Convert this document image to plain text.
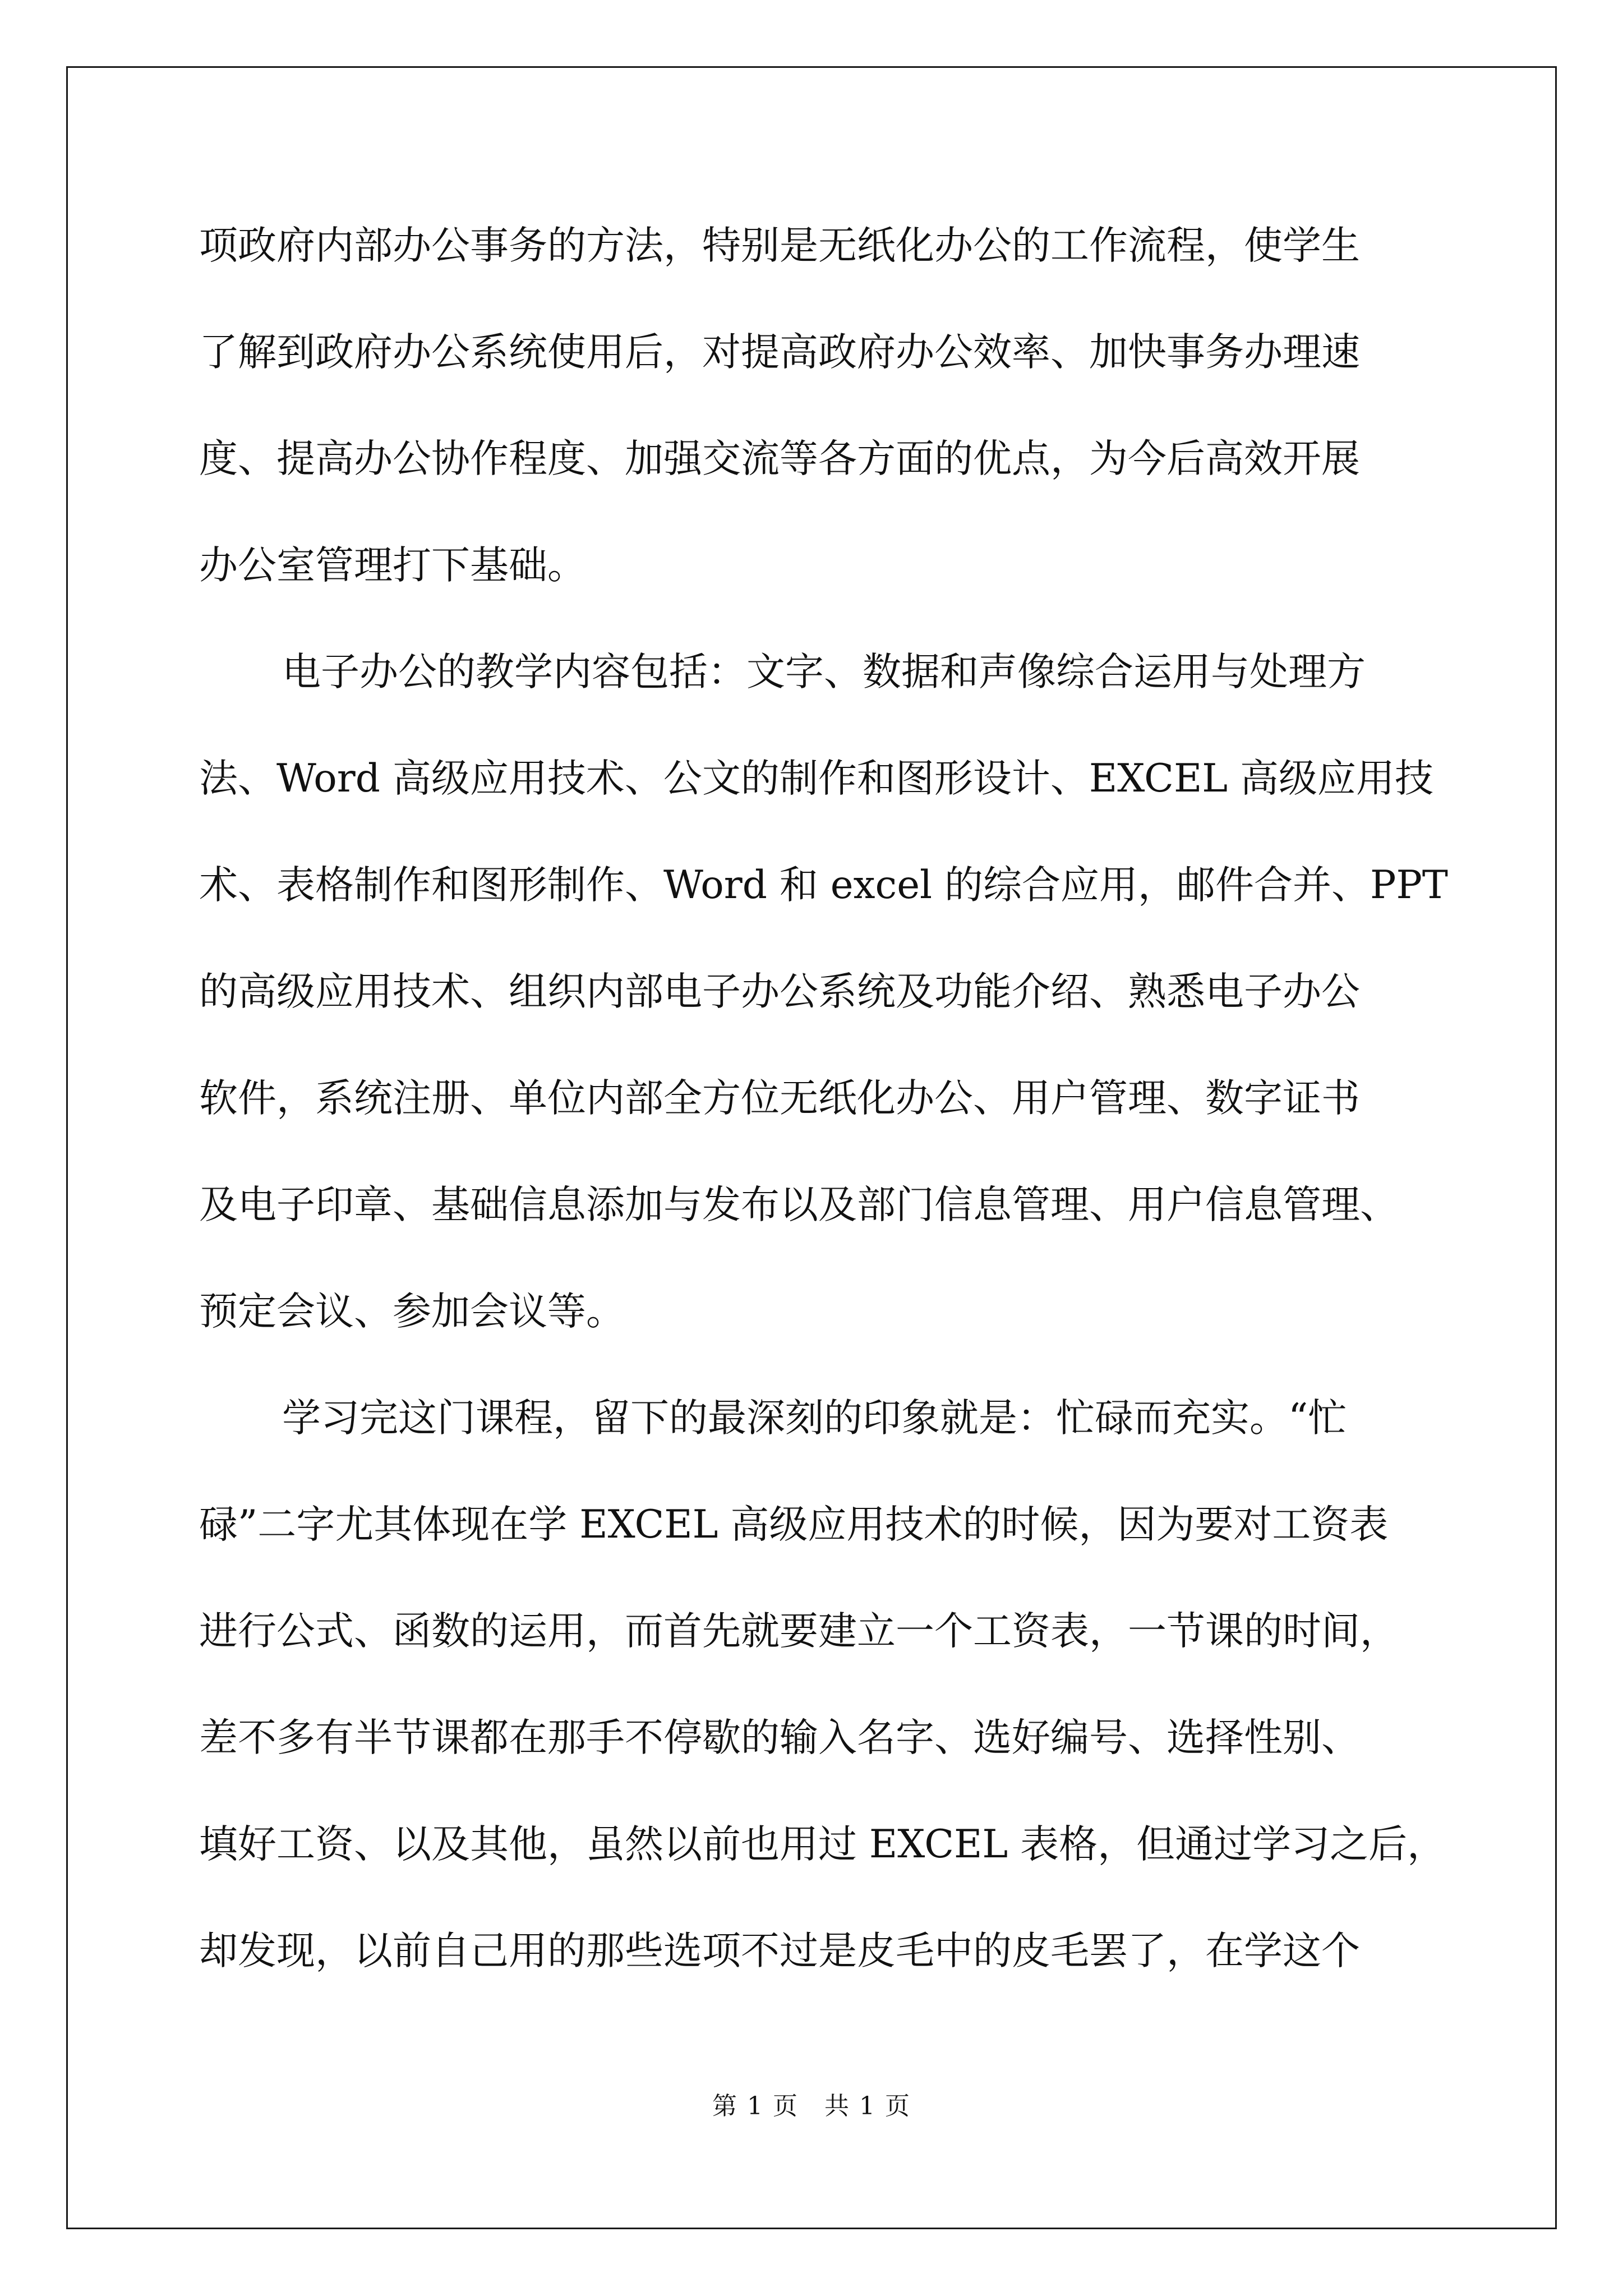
项政府内部办公事务的方法，特别是无纸化办公的工作流程，使学生
了解到政府办公系统使用后，对提高政府办公效率、加快事务办理速
度、提高办公协作程度、加强交流等各方面的优点，为今后高效开展
办公室管理打下基础。
电子办公的教学内容包括：文字、数据和声像综合运用与处理方
法、Word 高级应用技术、公文的制作和图形设计、EXCEL 高级应用技
术、表格制作和图形制作、Word 和 excel 的综合应用，邮件合并、PPT
的高级应用技术、组织内部电子办公系统及功能介绍、熟悉电子办公
软件，系统注册、单位内部全方位无纸化办公、用户管理、数字证书
及电子印章、基础信息添加与发布以及部门信息管理、用户信息管理、
预定会议、参加会议等。
学习完这门课程，留下的最深刻的印象就是：忙碌而充实。“忙
碌”二字尤其体现在学 EXCEL 高级应用技术的时候，因为要对工资表
进行公式、函数的运用，而首先就要建立一个工资表，一节课的时间，
差不多有半节课都在那手不停歇的输入名字、选好编号、选择性别、
填好工资、以及其他，虽然以前也用过 EXCEL 表格，但通过学习之后，
却发现，以前自己用的那些选项不过是皮毛中的皮毛罢了，在学这个
第 1 页　共 1 页
